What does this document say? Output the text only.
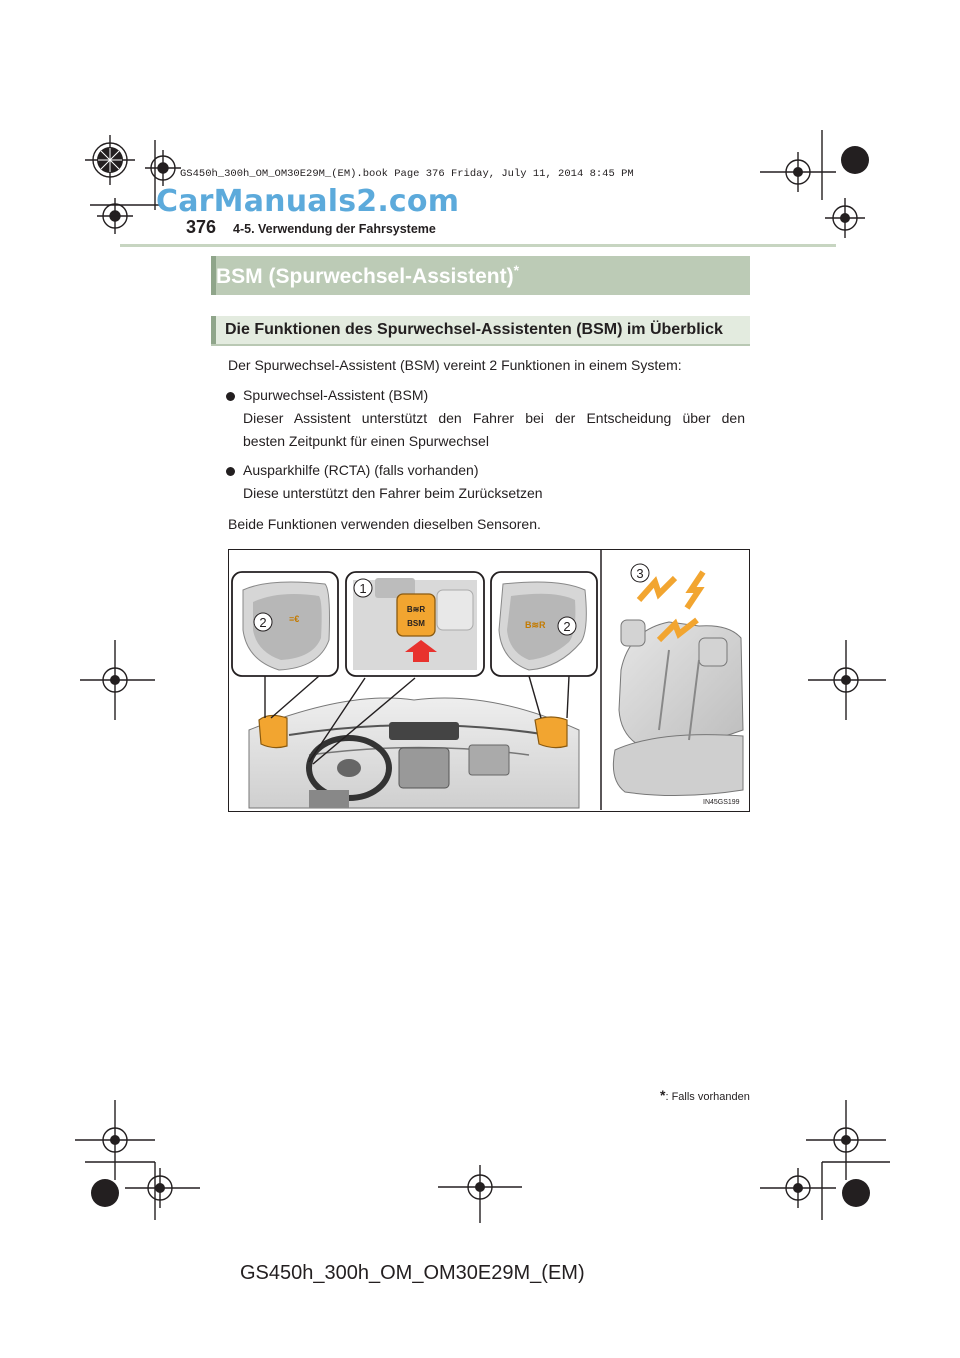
GS450h_300h_OM_OM30E29M_(EM).book Page 376 Friday, July 11, 2014 8:45 PM
CarManuals2.com
376 4-5. Verwendung der Fahrsysteme
BSM (Spurwechsel-Assistent)*
Die Funktionen des Spurwechsel-Assistenten (BSM) im Überblick
Der Spurwechsel-Assistent (BSM) vereint 2 Funktionen in einem System:
Spurwechsel-Assistent (BSM)
Dieser Assistent unterstützt den Fahrer bei der Entscheidung über den
besten Zeitpunkt für einen Spurwechsel
Ausparkhilfe (RCTA) (falls vorhanden)
Diese unterstützt den Fahrer beim Zurücksetzen
Beide Funktionen verwenden dieselben Sensoren.
≡€
B≋R
BSM	B≋R
1
2	2
3
IN45GS199
*: Falls vorhanden
GS450h_300h_OM_OM30E29M_(EM)
